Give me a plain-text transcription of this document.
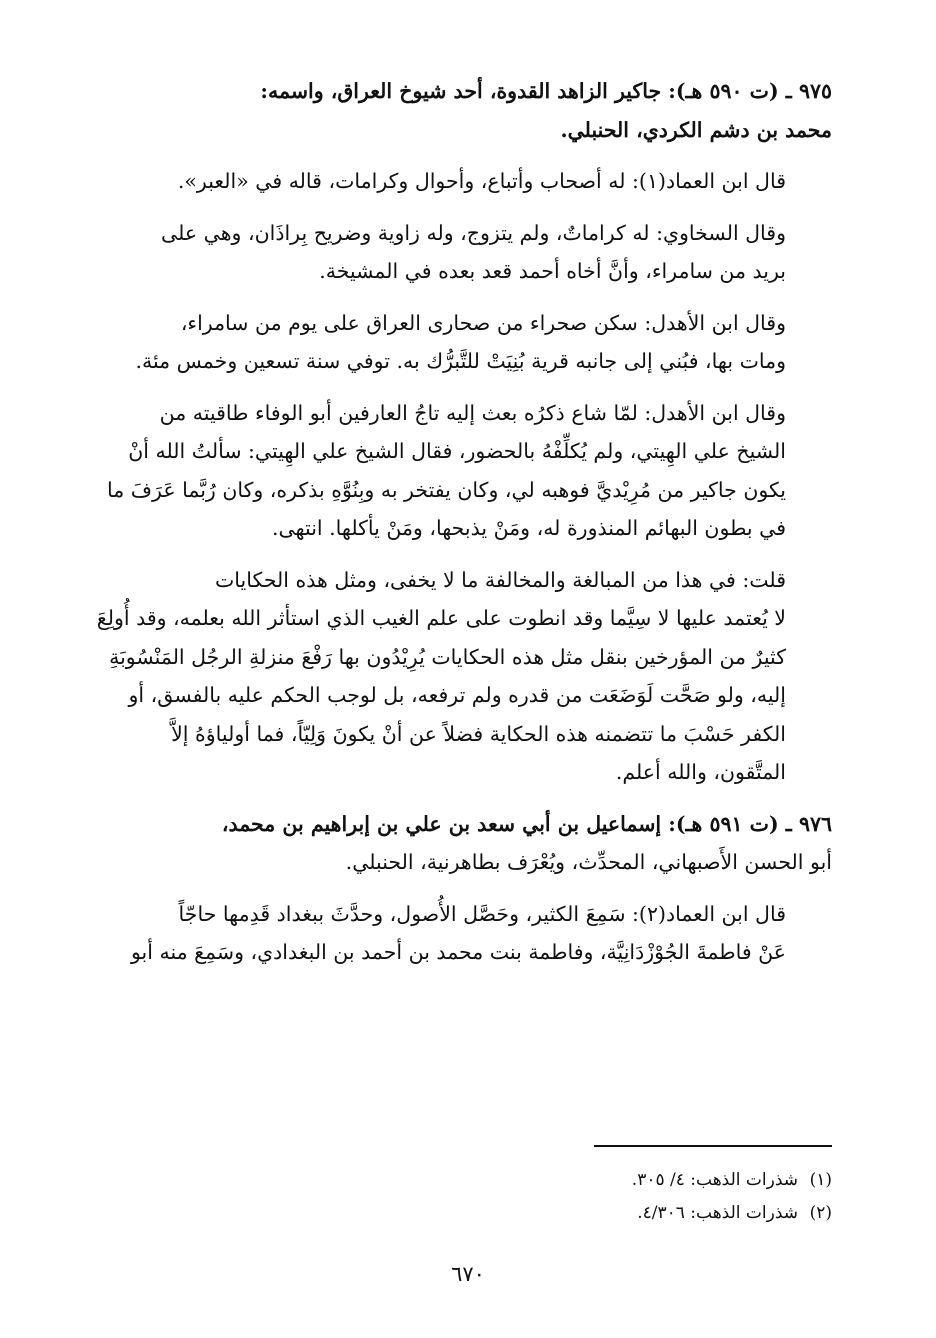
٩٧٥ ـ (ت ٥٩٠ هـ): جاكير الزاهد القدوة، أحد شيوخ العراق، واسمه:
محمد بن دشم الكردي، الحنبلي.
قال ابن العماد(١): له أصحاب وأتباع، وأحوال وكرامات، قاله في «العبر».
وقال السخاوي: له كراماتٌ، ولم يتزوج، وله زاوية وضريح بِراذَان، وهي على
بريد من سامراء، وأنَّ أخاه أحمد قعد بعده في المشيخة.
وقال ابن الأهدل: سكن صحراء من صحارى العراق على يوم من سامراء،
ومات بها، فبُني إلى جانبه قرية بُنِيَتْ للتَّبرُّك به. توفي سنة تسعين وخمس مئة.
وقال ابن الأهدل: لمّا شاع ذكرُه بعث إليه تاجُ العارفين أبو الوفاء طاقيته من
الشيخ علي الهِيتي، ولم يُكلِّفْهُ بالحضور، فقال الشيخ علي الهِيتي: سألتُ الله أنْ
يكون جاكير من مُرِيْديَّ فوهبه لي، وكان يفتخر به وبِنُوَّهِ بذكره، وكان رُبَّما عَرَفَ ما
في بطون البهائم المنذورة له، ومَنْ يذبحها، ومَنْ يأكلها. انتهى.
قلت: في هذا من المبالغة والمخالفة ما لا يخفى، ومثل هذه الحكايات
لا يُعتمد عليها لا سِيَّما وقد انطوت على علم الغيب الذي استأثر الله بعلمه، وقد أُولِعَ
كثيرٌ من المؤرخين بنقل مثل هذه الحكايات يُرِيْدُون بها رَفْعَ منزلةِ الرجُل المَنْسُوبَةِ
إليه، ولو صَحَّت لَوَضَعَت من قدره ولم ترفعه، بل لوجب الحكم عليه بالفسق، أو
الكفر حَسْبَ ما تتضمنه هذه الحكاية فضلاً عن أنْ يكونَ وَلِيّاً، فما أولياؤهُ إلاَّ
المتَّقون، والله أعلم.
٩٧٦ ـ (ت ٥٩١ هـ): إسماعيل بن أبي سعد بن علي بن إبراهيم بن محمد،
أبو الحسن الأَصبهاني، المحدِّث، ويُعْرَف بطاهرنية، الحنبلي.
قال ابن العماد(٢): سَمِعَ الكثير، وحَصَّل الأُصول، وحدَّثَ ببغداد قَدِمها حاجّاً
عَنْ فاطمةَ الجُوْزْدَانِيَّة، وفاطمة بنت محمد بن أحمد بن البغدادي، وسَمِعَ منه أبو
(١)شذرات الذهب: ٤/ ٣٠٥.
(٢)شذرات الذهب: ٤/٣٠٦.
٦٧٠
